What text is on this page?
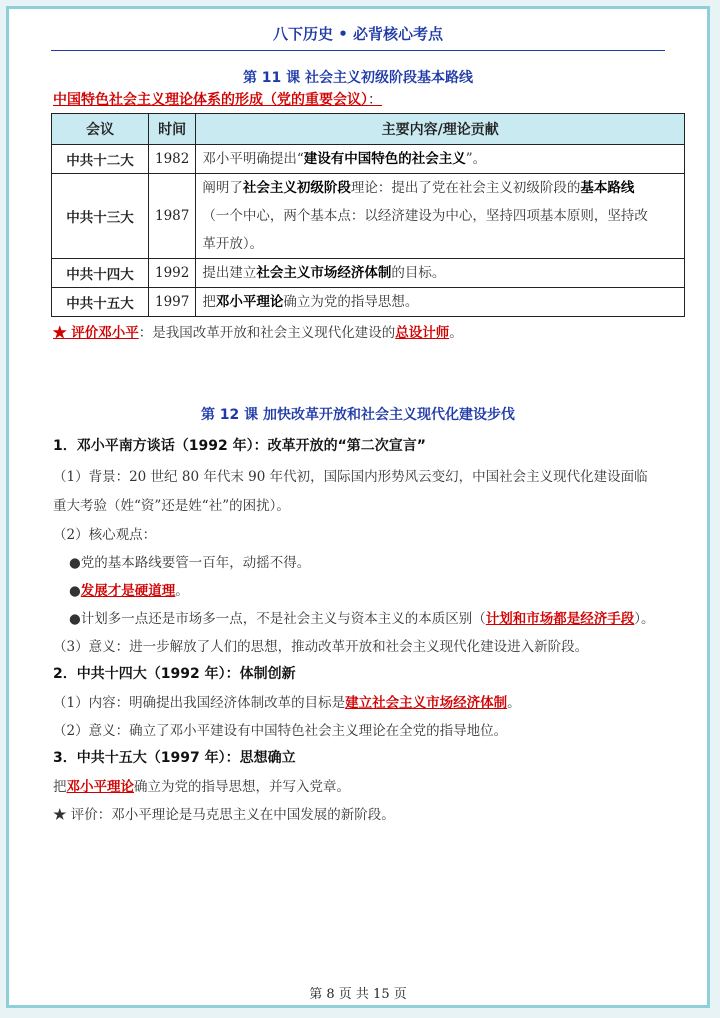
八下历史 • 必背核心考点
第 11 课 社会主义初级阶段基本路线
中国特色社会主义理论体系的形成（党的重要会议）：
会议	时间	主要内容/理论贡献
中共十二大	1982	邓小平明确提出“建设有中国特色的社会主义”。
中共十三大	1987	阐明了社会主义初级阶段理论：提出了党在社会主义初级阶段的基本路线
（一个中心，两个基本点：以经济建设为中心，坚持四项基本原则，坚持改
革开放）。
中共十四大	1992	提出建立社会主义市场经济体制的目标。
中共十五大	1997	把邓小平理论确立为党的指导思想。
★ 评价邓小平：是我国改革开放和社会主义现代化建设的总设计师。
第 12 课 加快改革开放和社会主义现代化建设步伐
1．邓小平南方谈话（1992 年）：改革开放的“第二次宣言”
（1）背景：20 世纪 80 年代末 90 年代初，国际国内形势风云变幻，中国社会主义现代化建设面临
重大考验（姓“资”还是姓“社”的困扰）。
（2）核心观点：
●党的基本路线要管一百年，动摇不得。
●发展才是硬道理。
●计划多一点还是市场多一点，不是社会主义与资本主义的本质区别（计划和市场都是经济手段）。
（3）意义：进一步解放了人们的思想，推动改革开放和社会主义现代化建设进入新阶段。
2．中共十四大（1992 年）：体制创新
（1）内容：明确提出我国经济体制改革的目标是建立社会主义市场经济体制。
（2）意义：确立了邓小平建设有中国特色社会主义理论在全党的指导地位。
3．中共十五大（1997 年）：思想确立
把邓小平理论确立为党的指导思想，并写入党章。
★ 评价：邓小平理论是马克思主义在中国发展的新阶段。
第 8 页 共 15 页
